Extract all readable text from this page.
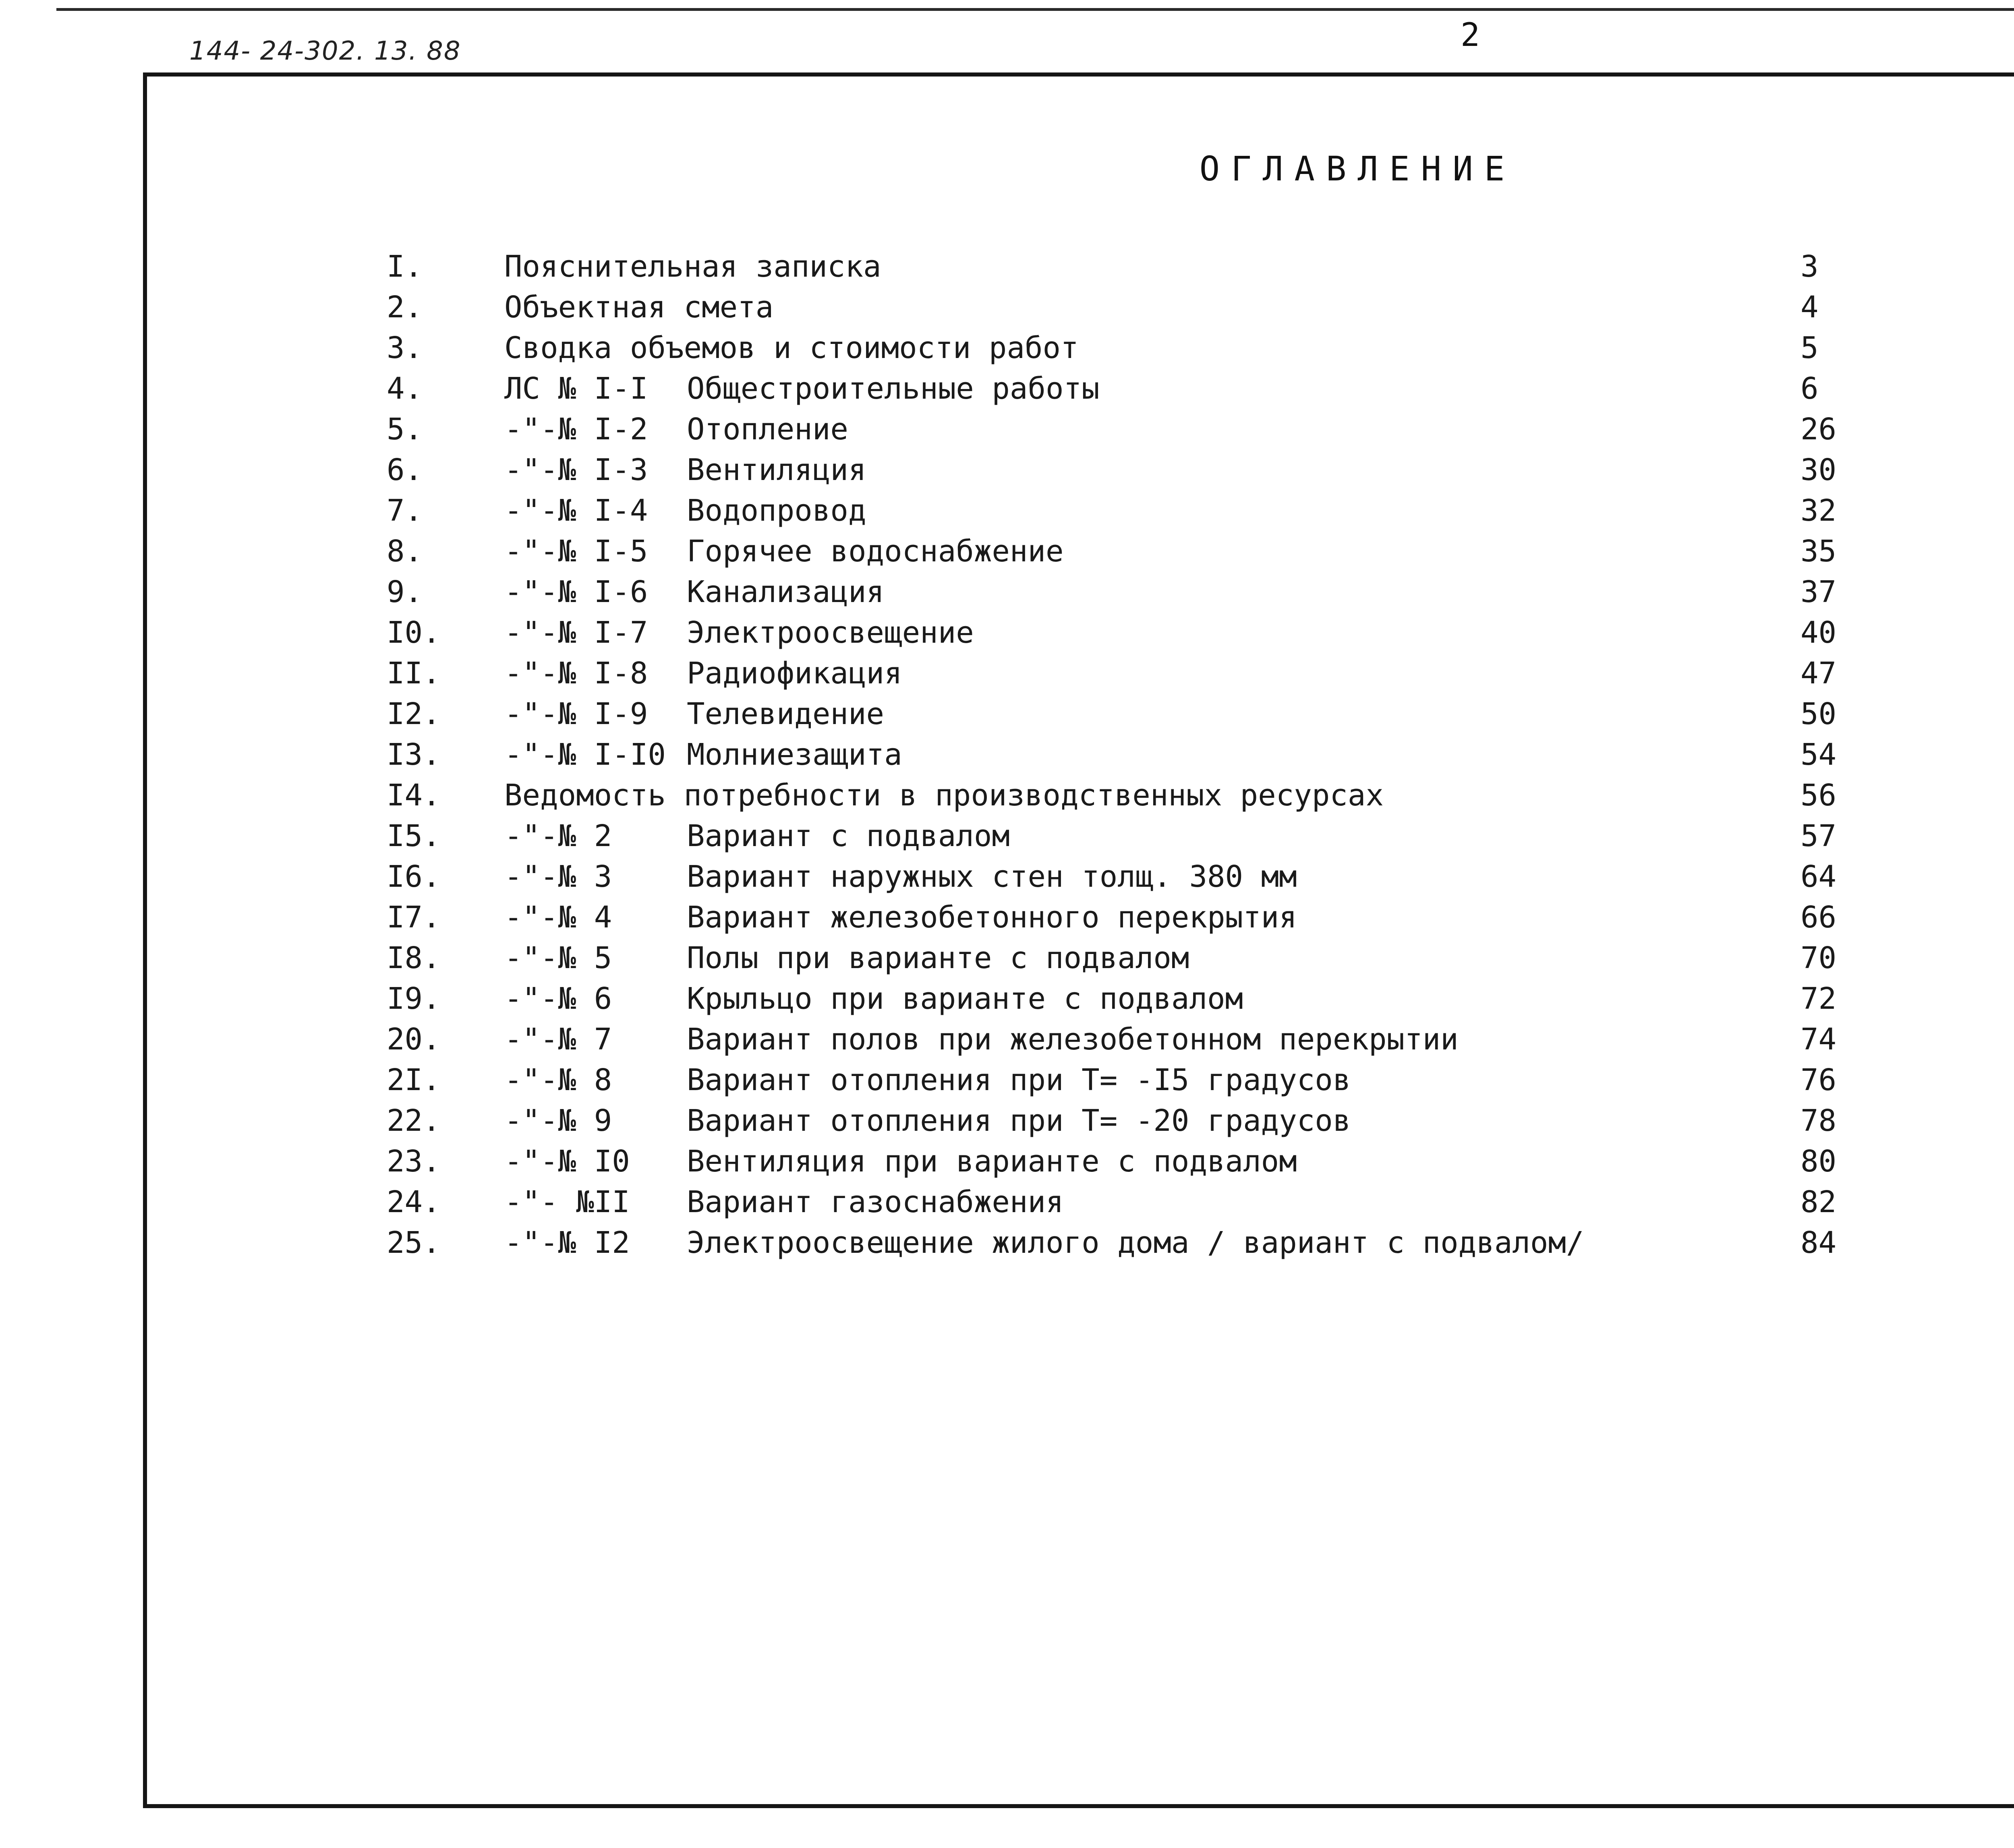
144- 24-302. 13. 88	2
ОГЛАВЛЕНИЕ
I.	Пояснительная записка	3
2.	Объектная смета	4
3.	Сводка объемов и стоимости работ	5
4.	ЛС № I-I Общестроительные работы	6
5.	-"-№ I-2 Отопление	26
6.	-"-№ I-3 Вентиляция	30
7.	-"-№ I-4 Водопровод	32
8.	-"-№ I-5 Горячее водоснабжение	35
9.	-"-№ I-6 Канализация	37
I0. -"-№ I-7 Электроосвещение	40
II. -"-№ I-8 Радиофикация	47
I2. -"-№ I-9 Телевидение	50
I3. -"-№ I-I0 Молниезащита	54
I4. Ведомость потребности в производственных ресурсах	56
I5. -"-№ 2	Вариант с подвалом	57
I6. -"-№ 3	Вариант наружных стен толщ. 380 мм	64
I7. -"-№ 4	Вариант железобетонного перекрытия	66
I8. -"-№ 5	Полы при варианте с подвалом	70
I9. -"-№ 6	Крыльцо при варианте с подвалом	72
20. -"-№ 7	Вариант полов при железобетонном перекрытии	74
2I. -"-№ 8	Вариант отопления при Т= -I5 градусов	76
22. -"-№ 9	Вариант отопления при Т= -20 градусов	78
23. -"-№ I0 Вентиляция при варианте с подвалом	80
24. -"- №II Вариант газоснабжения	82
25. -"-№ I2 Электроосвещение жилого дома / вариант с подвалом/	84
